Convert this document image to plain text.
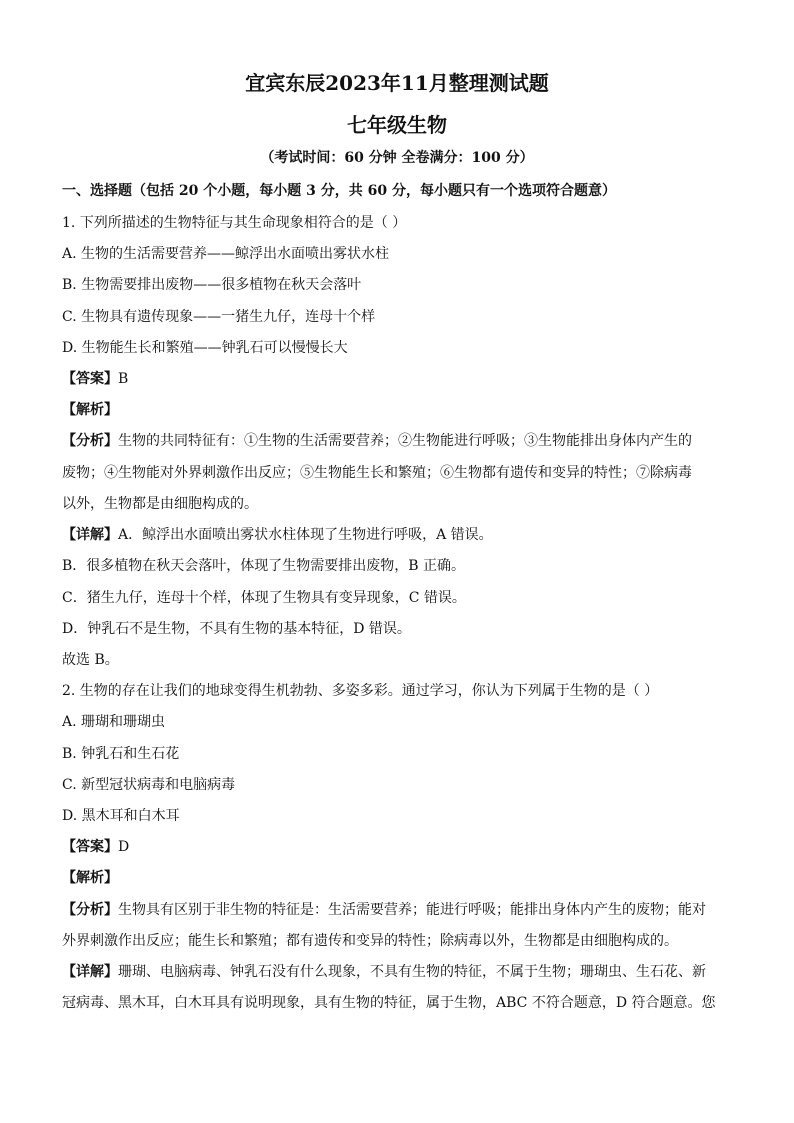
宜宾东辰2023年11月整理测试题
七年级生物
（考试时间：60 分钟 全卷满分：100 分）
一、选择题（包括 20 个小题，每小题 3 分，共 60 分，每小题只有一个选项符合题意）
1. 下列所描述的生物特征与其生命现象相符合的是（ ）
A. 生物的生活需要营养——鲸浮出水面喷出雾状水柱
B. 生物需要排出废物——很多植物在秋天会落叶
C. 生物具有遗传现象——一猪生九仔，连母十个样
D. 生物能生长和繁殖——钟乳石可以慢慢长大
【答案】B
【解析】
【分析】生物的共同特征有：①生物的生活需要营养；②生物能进行呼吸；③生物能排出身体内产生的
废物；④生物能对外界刺激作出反应；⑤生物能生长和繁殖；⑥生物都有遗传和变异的特性；⑦除病毒
以外，生物都是由细胞构成的。
【详解】A．鲸浮出水面喷出雾状水柱体现了生物进行呼吸，A 错误。
B．很多植物在秋天会落叶，体现了生物需要排出废物，B 正确。
C．猪生九仔，连母十个样，体现了生物具有变异现象，C 错误。
D．钟乳石不是生物，不具有生物的基本特征，D 错误。
故选 B。
2. 生物的存在让我们的地球变得生机勃勃、多姿多彩。通过学习，你认为下列属于生物的是（ ）
A. 珊瑚和珊瑚虫
B. 钟乳石和生石花
C. 新型冠状病毒和电脑病毒
D. 黑木耳和白木耳
【答案】D
【解析】
【分析】生物具有区别于非生物的特征是：生活需要营养；能进行呼吸；能排出身体内产生的废物；能对
外界刺激作出反应；能生长和繁殖；都有遗传和变异的特性；除病毒以外，生物都是由细胞构成的。
【详解】珊瑚、电脑病毒、钟乳石没有什么现象，不具有生物的特征，不属于生物；珊瑚虫、生石花、新
冠病毒、黑木耳，白木耳具有说明现象，具有生物的特征，属于生物，ABC 不符合题意，D 符合题意。您
